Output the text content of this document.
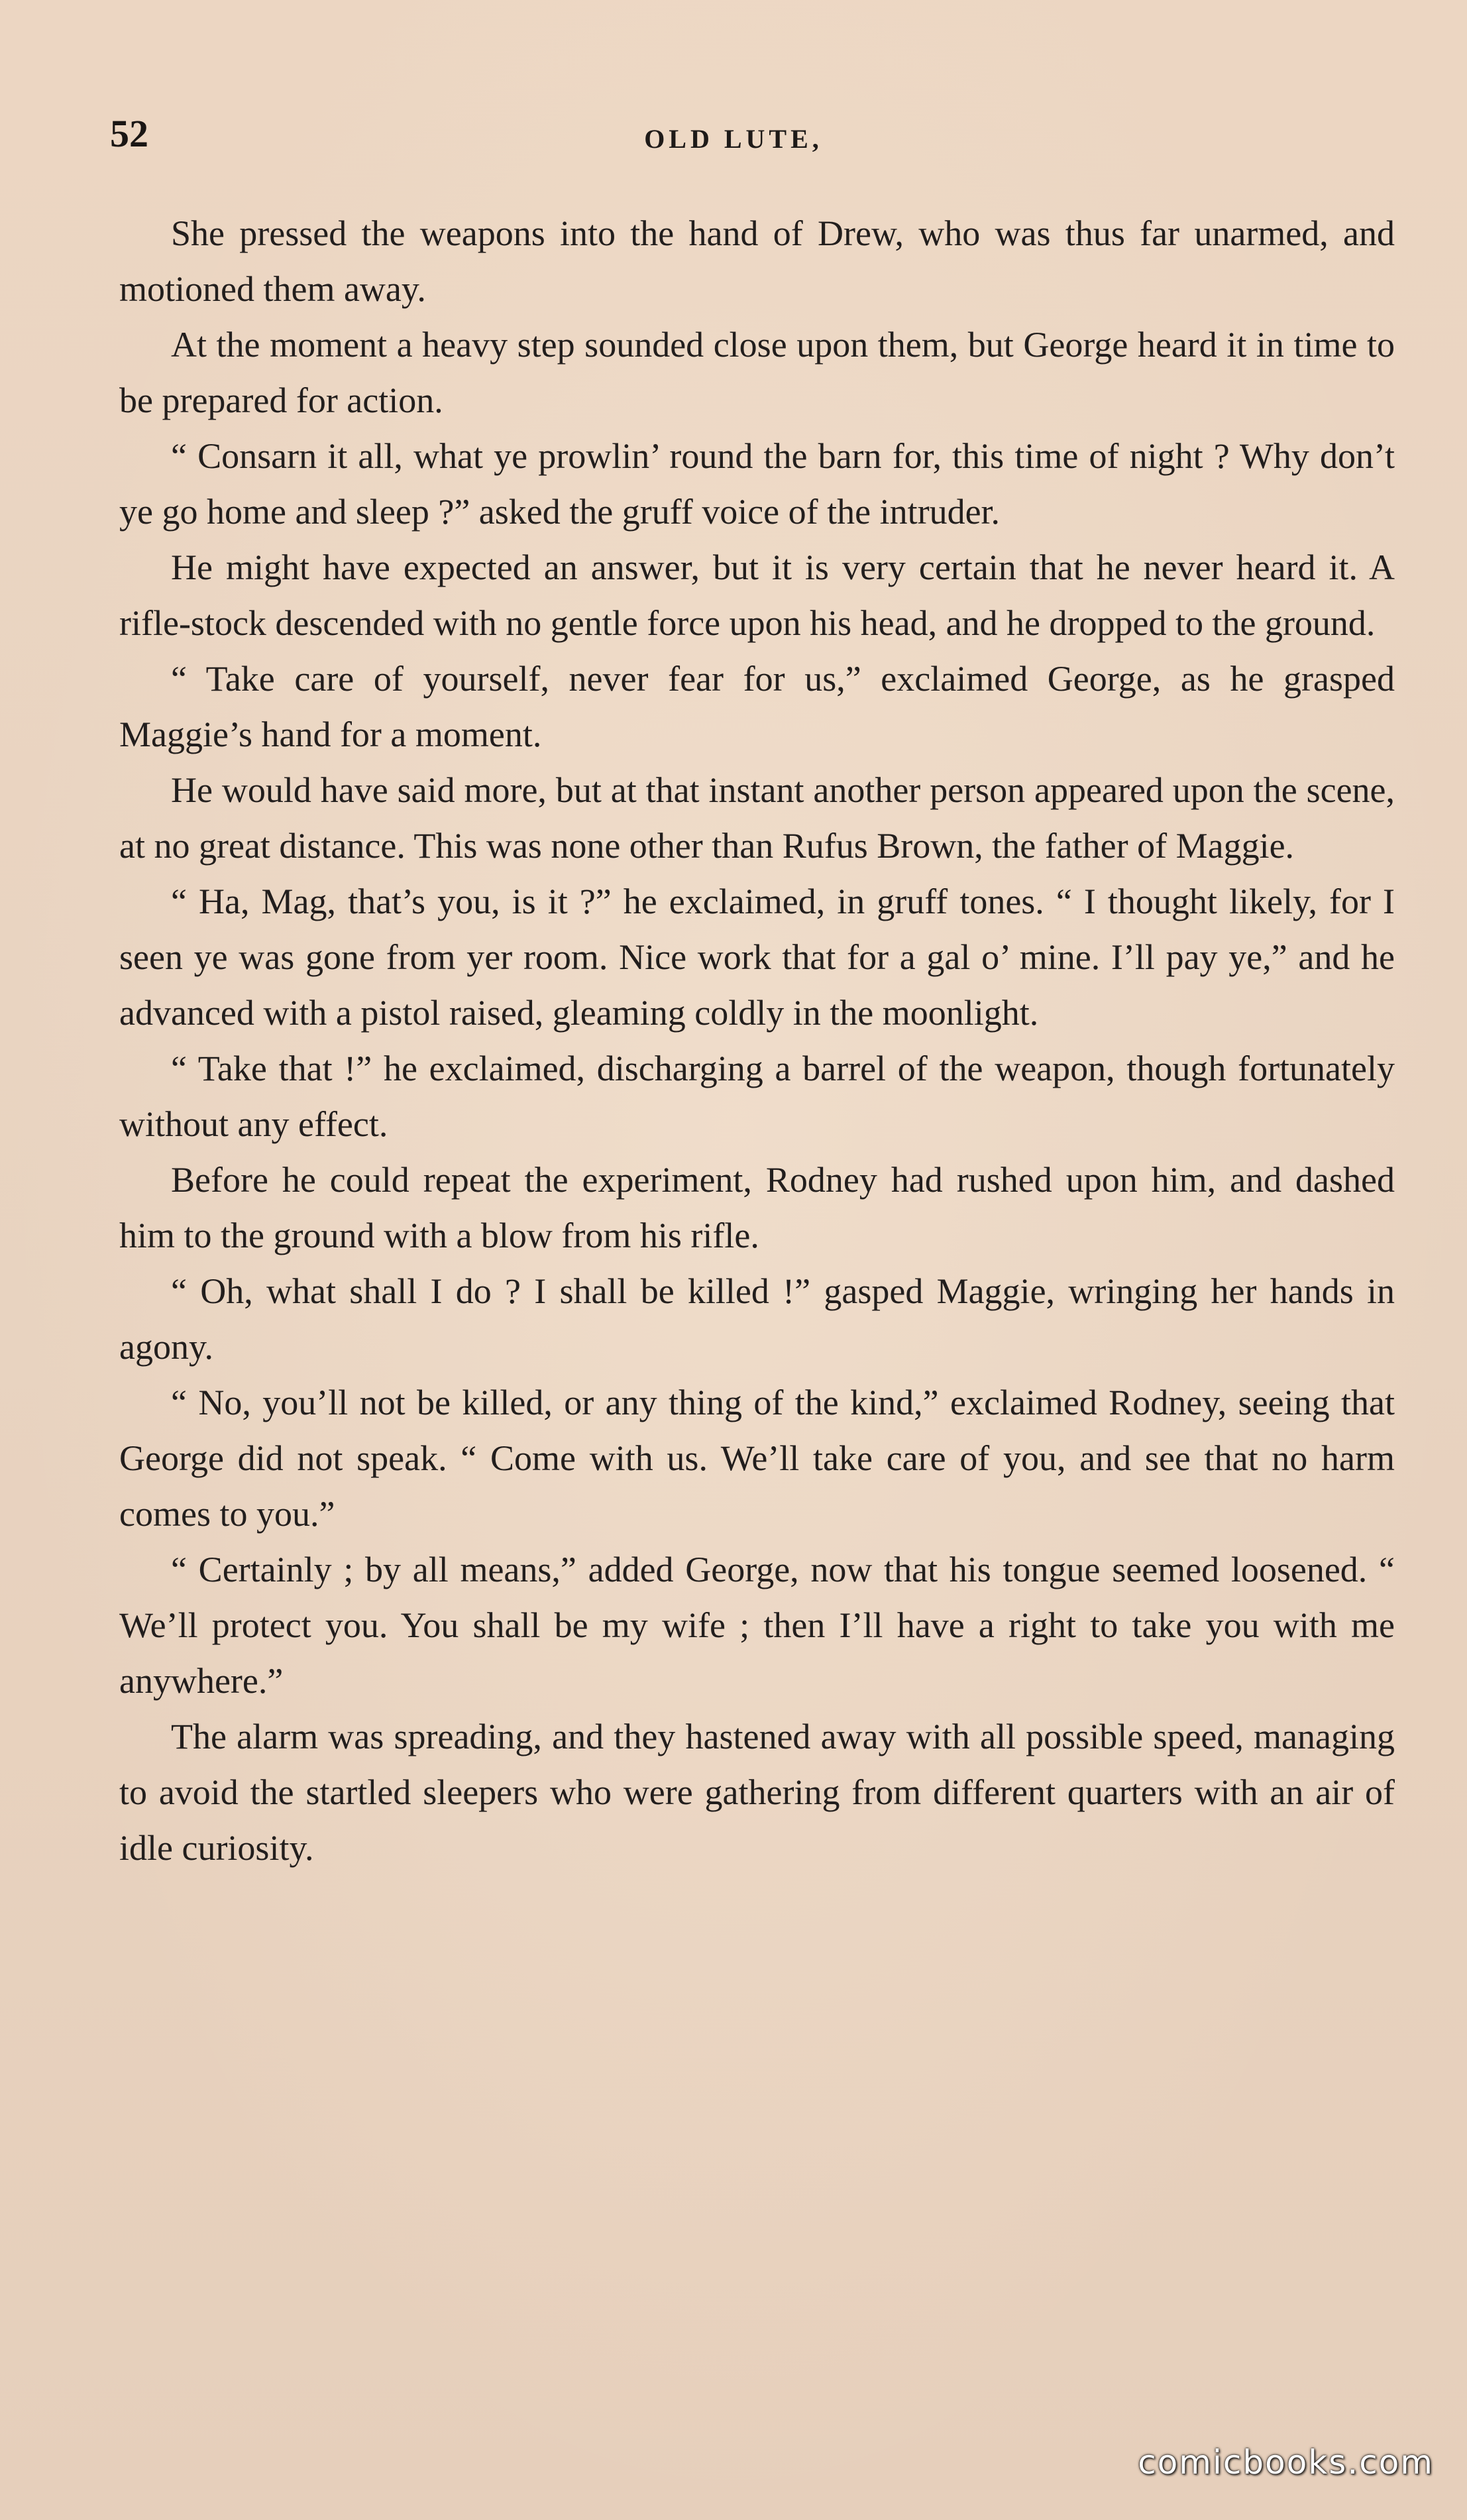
52	OLD LUTE,

She pressed the weapons into the hand of Drew, who was thus far unarmed, and motioned them away.

At the moment a heavy step sounded close upon them, but George heard it in time to be prepared for action.

“ Consarn it all, what ye prowlin’ round the barn for, this time of night ? Why don’t ye go home and sleep ?” asked the gruff voice of the intruder.

He might have expected an answer, but it is very certain that he never heard it. A rifle-stock descended with no gentle force upon his head, and he dropped to the ground.

“ Take care of yourself, never fear for us,” exclaimed George, as he grasped Maggie’s hand for a moment.

He would have said more, but at that instant another person appeared upon the scene, at no great distance. This was none other than Rufus Brown, the father of Maggie.

“ Ha, Mag, that’s you, is it ?” he exclaimed, in gruff tones. “ I thought likely, for I seen ye was gone from yer room. Nice work that for a gal o’ mine. I’ll pay ye,” and he advanced with a pistol raised, gleaming coldly in the moonlight.

“ Take that !” he exclaimed, discharging a barrel of the weapon, though fortunately without any effect.

Before he could repeat the experiment, Rodney had rushed upon him, and dashed him to the ground with a blow from his rifle.

“ Oh, what shall I do ? I shall be killed !” gasped Maggie, wringing her hands in agony.

“ No, you’ll not be killed, or any thing of the kind,” exclaimed Rodney, seeing that George did not speak. “ Come with us. We’ll take care of you, and see that no harm comes to you.”

“ Certainly ; by all means,” added George, now that his tongue seemed loosened. “ We’ll protect you. You shall be my wife ; then I’ll have a right to take you with me anywhere.”

The alarm was spreading, and they hastened away with all possible speed, managing to avoid the startled sleepers who were gathering from different quarters with an air of idle curiosity.

comicbooks.com
